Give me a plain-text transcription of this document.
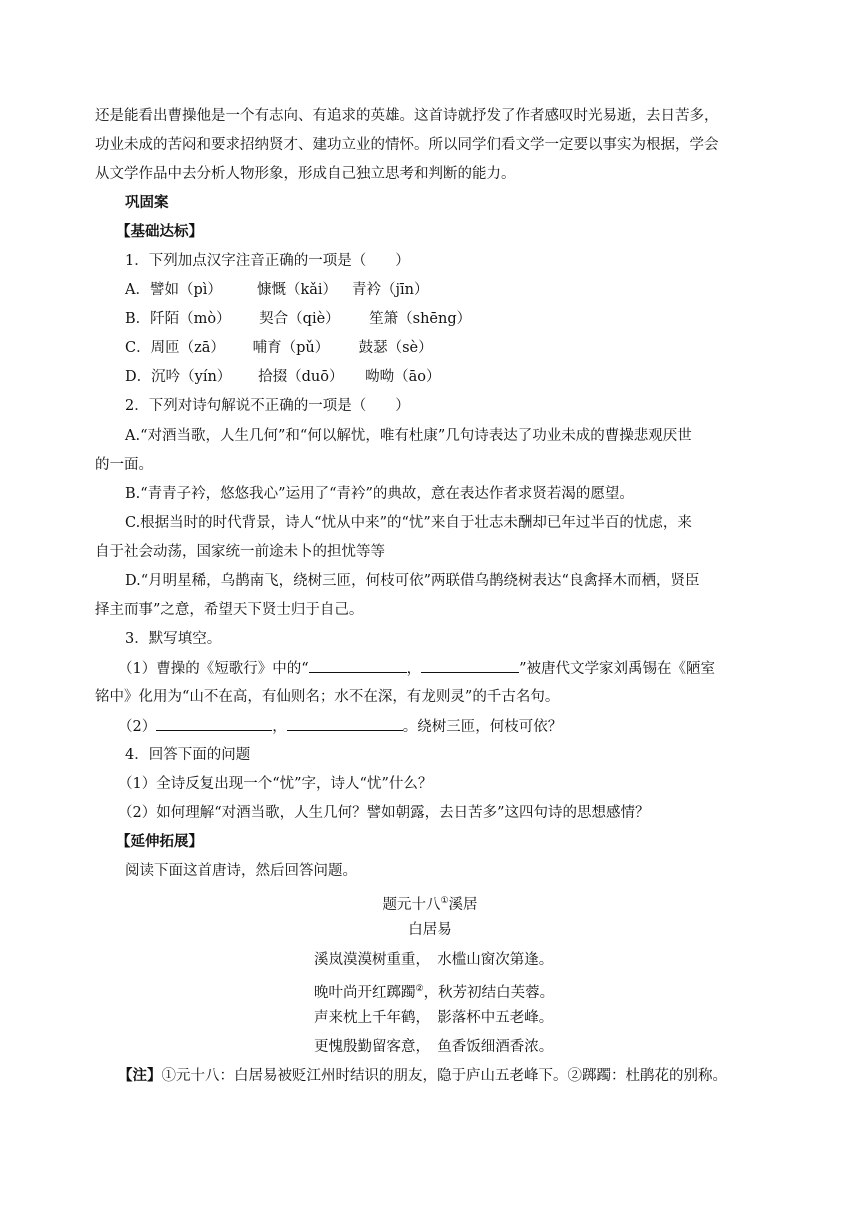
还是能看出曹操他是一个有志向、有追求的英雄。这首诗就抒发了作者感叹时光易逝，去日苦多，
功业未成的苦闷和要求招纳贤才、建功立业的情怀。所以同学们看文学一定要以事实为根据，学会
从文学作品中去分析人物形象，形成自己独立思考和判断的能力。
巩固案
【基础达标】
1．下列加点汉字注音正确的一项是（　　）
A．譬如（pì） 慷慨（kǎi） 青衿（jīn）
B．阡陌（mò） 契合（qiè） 笙箫（shēng）
C．周匝（zā） 哺育（pǔ） 鼓瑟（sè）
D．沉吟（yín） 拾掇（duō） 呦呦（āo）
2．下列对诗句解说不正确的一项是（　　）
A.“对酒当歌，人生几何”和“何以解忧，唯有杜康”几句诗表达了功业未成的曹操悲观厌世
的一面。
B.“青青子衿，悠悠我心”运用了“青衿”的典故，意在表达作者求贤若渴的愿望。
C.根据当时的时代背景，诗人“忧从中来”的“忧”来自于壮志未酬却已年过半百的忧虑，来
自于社会动荡，国家统一前途未卜的担忧等等
D.“月明星稀，乌鹊南飞，绕树三匝，何枝可依”两联借乌鹊绕树表达“良禽择木而栖，贤臣
择主而事”之意，希望天下贤士归于自己。
3．默写填空。
（1）曹操的《短歌行》中的“	，	”被唐代文学家刘禹锡在《陋室
铭中》化用为“山不在高，有仙则名；水不在深，有龙则灵”的千古名句。
（2）	，	。绕树三匝，何枝可依？
4．回答下面的问题
（1）全诗反复出现一个“忧”字，诗人“忧”什么？
（2）如何理解“对酒当歌，人生几何？譬如朝露，去日苦多”这四句诗的思想感情？
【延伸拓展】
阅读下面这首唐诗，然后回答问题。
题元十八①溪居
白居易
溪岚漠漠树重重，　水槛山窗次第逢。
晚叶尚开红踯躅②，秋芳初结白芙蓉。
声来枕上千年鹤，　影落杯中五老峰。
更愧殷勤留客意，　鱼香饭细酒香浓。
【注】①元十八：白居易被贬江州时结识的朋友，隐于庐山五老峰下。②踯躅：杜鹃花的别称。
